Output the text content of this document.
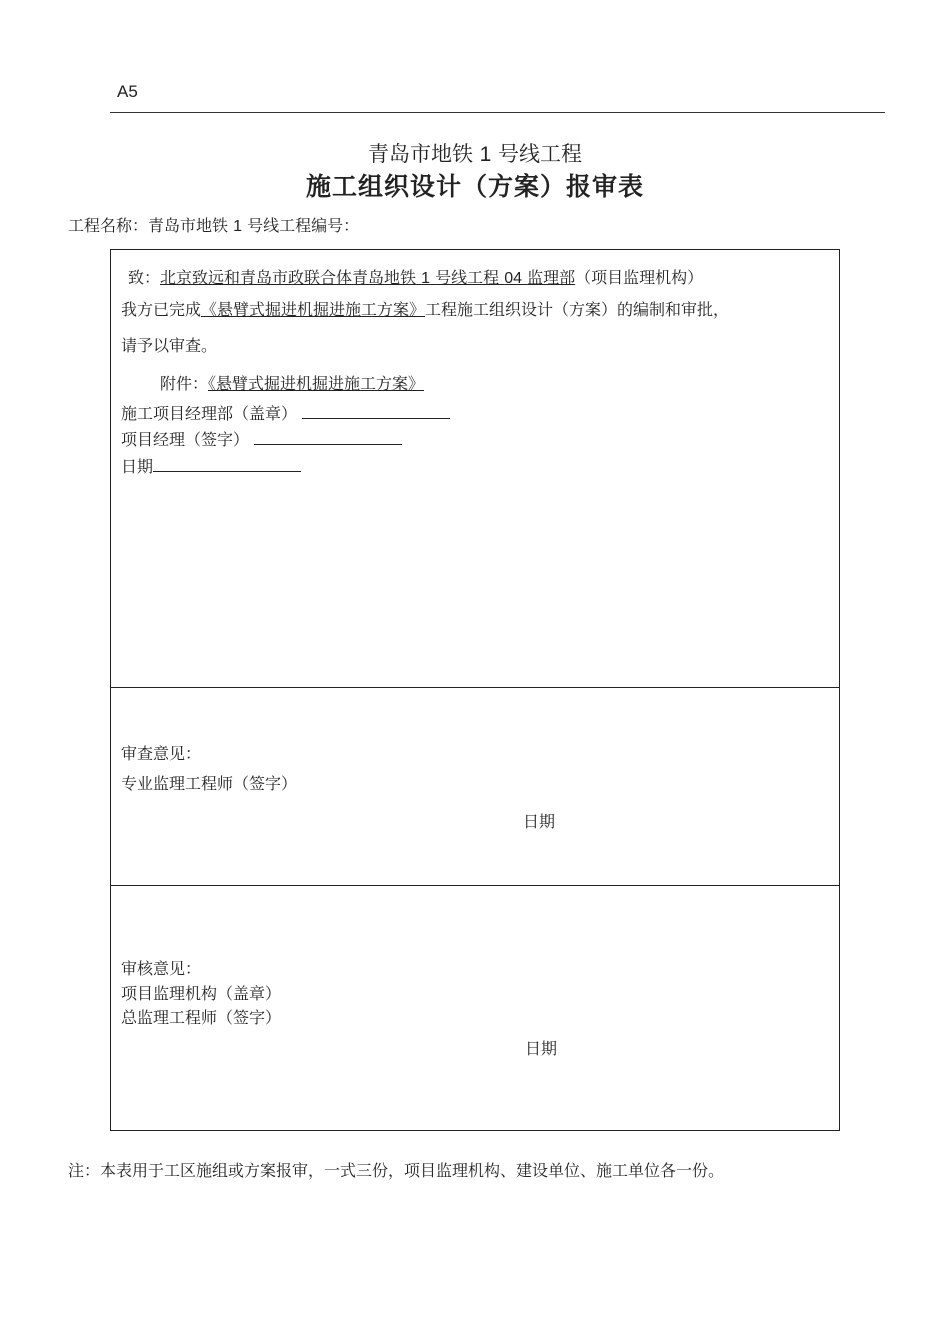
A5
青岛市地铁 1 号线工程
施工组织设计（方案）报审表
工程名称：青岛市地铁 1 号线工程编号：
致：北京致远和青岛市政联合体青岛地铁 1 号线工程 04 监理部（项目监理机构）
我方已完成《悬臂式掘进机掘进施工方案》工程施工组织设计（方案）的编制和审批，
请予以审查。
附件：《悬臂式掘进机掘进施工方案》
施工项目经理部（盖章）
项目经理（签字）
日期
审查意见：
专业监理工程师（签字）
日期
审核意见：
项目监理机构（盖章）
总监理工程师（签字）
日期
注：本表用于工区施组或方案报审，一式三份，项目监理机构、建设单位、施工单位各一份。
